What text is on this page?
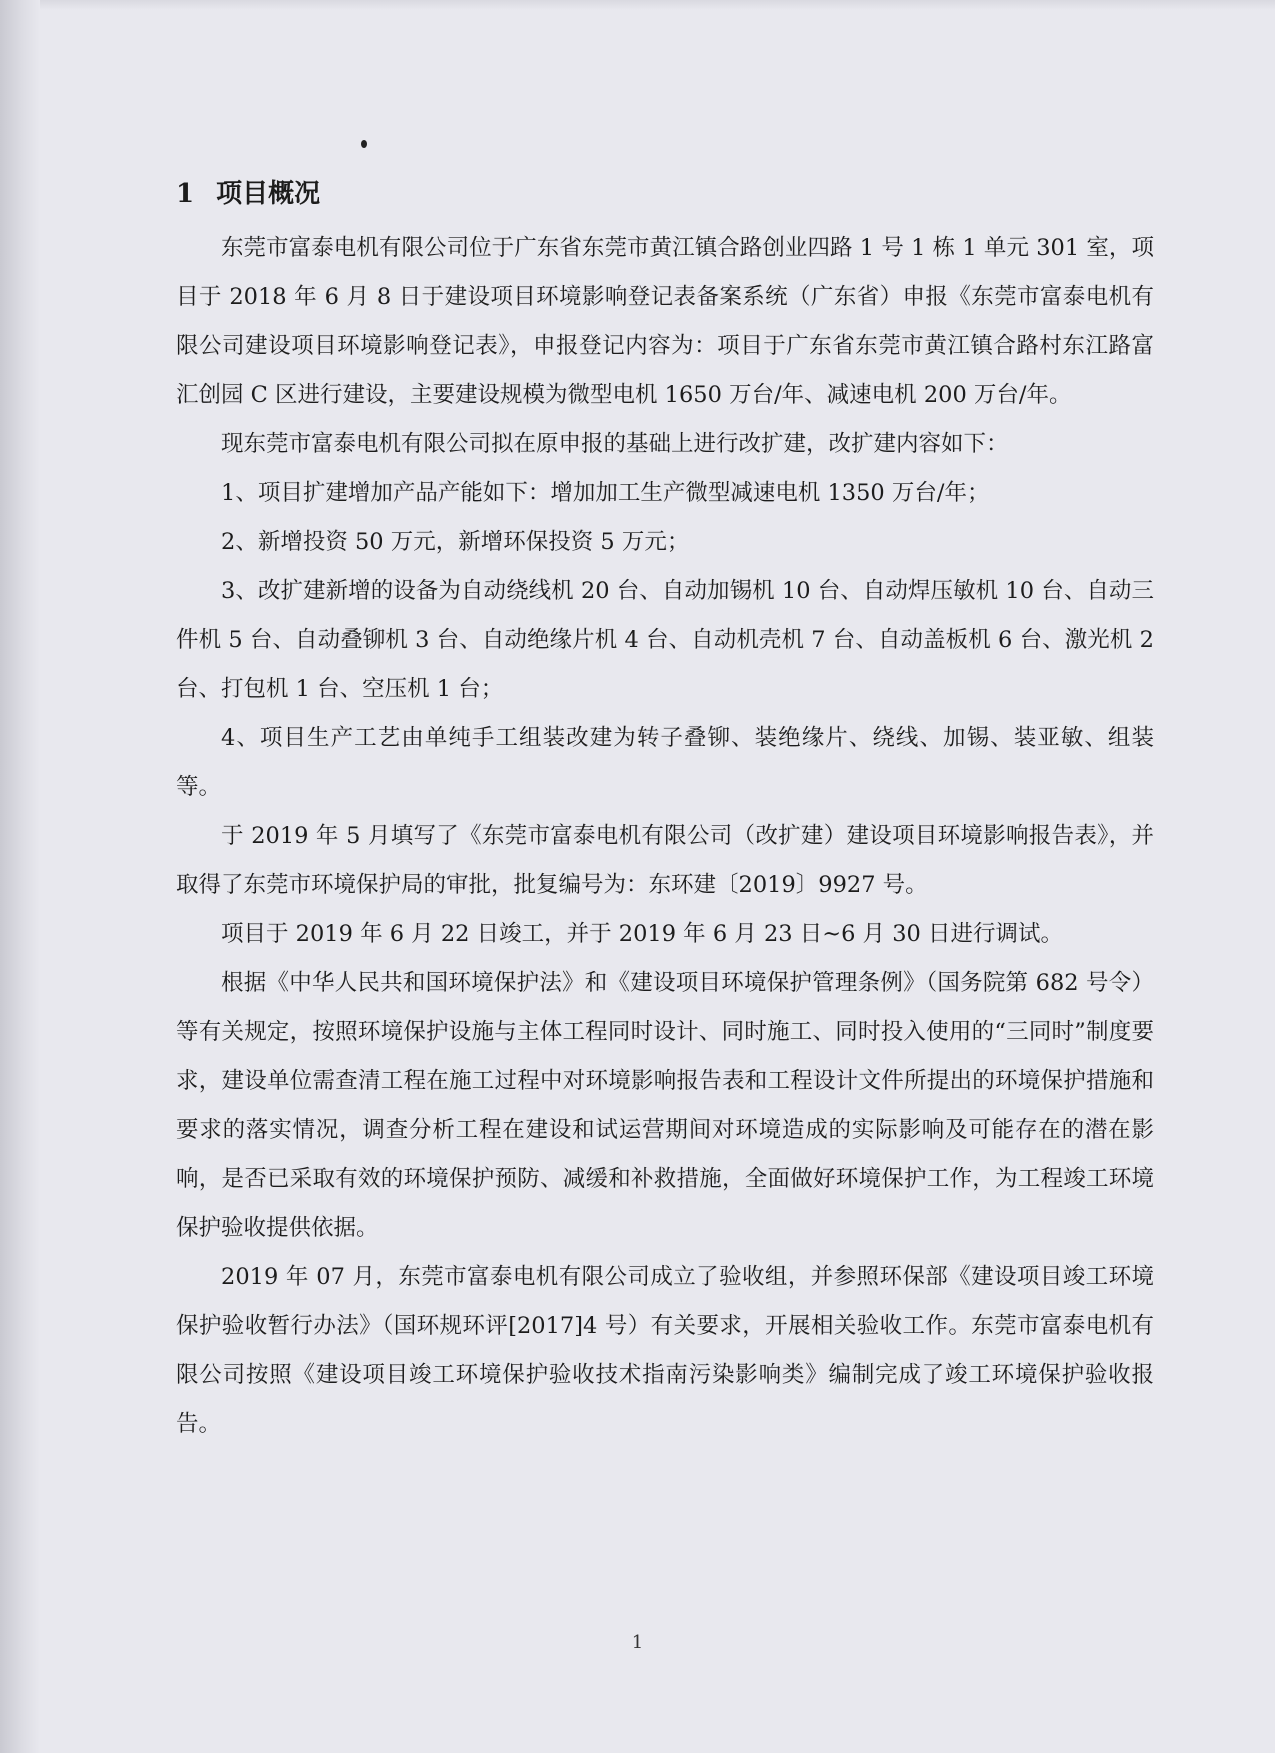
1 项目概况

东莞市富泰电机有限公司位于广东省东莞市黄江镇合路创业四路 1 号 1 栋 1 单元 301 室，项目于 2018 年 6 月 8 日于建设项目环境影响登记表备案系统（广东省）申报《东莞市富泰电机有限公司建设项目环境影响登记表》，申报登记内容为：项目于广东省东莞市黄江镇合路村东江路富汇创园 C 区进行建设，主要建设规模为微型电机 1650 万台/年、减速电机 200 万台/年。

现东莞市富泰电机有限公司拟在原申报的基础上进行改扩建，改扩建内容如下：

1、项目扩建增加产品产能如下：增加加工生产微型减速电机 1350 万台/年；

2、新增投资 50 万元，新增环保投资 5 万元；

3、改扩建新增的设备为自动绕线机 20 台、自动加锡机 10 台、自动焊压敏机 10 台、自动三件机 5 台、自动叠铆机 3 台、自动绝缘片机 4 台、自动机壳机 7 台、自动盖板机 6 台、激光机 2 台、打包机 1 台、空压机 1 台；

4、项目生产工艺由单纯手工组装改建为转子叠铆、装绝缘片、绕线、加锡、装亚敏、组装等。

于 2019 年 5 月填写了《东莞市富泰电机有限公司（改扩建）建设项目环境影响报告表》，并取得了东莞市环境保护局的审批，批复编号为：东环建〔2019〕9927 号。

项目于 2019 年 6 月 22 日竣工，并于 2019 年 6 月 23 日~6 月 30 日进行调试。

根据《中华人民共和国环境保护法》和《建设项目环境保护管理条例》（国务院第 682 号令）等有关规定，按照环境保护设施与主体工程同时设计、同时施工、同时投入使用的“三同时”制度要求，建设单位需查清工程在施工过程中对环境影响报告表和工程设计文件所提出的环境保护措施和要求的落实情况，调查分析工程在建设和试运营期间对环境造成的实际影响及可能存在的潜在影响，是否已采取有效的环境保护预防、减缓和补救措施，全面做好环境保护工作，为工程竣工环境保护验收提供依据。

2019 年 07 月，东莞市富泰电机有限公司成立了验收组，并参照环保部《建设项目竣工环境保护验收暂行办法》（国环规环评[2017]4 号）有关要求，开展相关验收工作。东莞市富泰电机有限公司按照《建设项目竣工环境保护验收技术指南污染影响类》编制完成了竣工环境保护验收报告。

1
